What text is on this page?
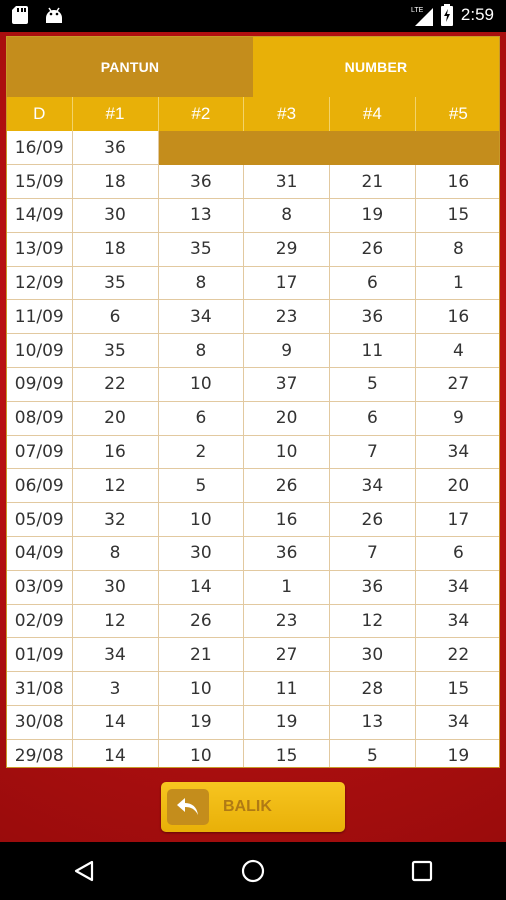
LTE 2:59
PANTUN	NUMBER
D	#1	#2	#3	#4	#5
16/09	36				
15/09	18	36	31	21	16
14/09	30	13	8	19	15
13/09	18	35	29	26	8
12/09	35	8	17	6	1
11/09	6	34	23	36	16
10/09	35	8	9	11	4
09/09	22	10	37	5	27
08/09	20	6	20	6	9
07/09	16	2	10	7	34
06/09	12	5	26	34	20
05/09	32	10	16	26	17
04/09	8	30	36	7	6
03/09	30	14	1	36	34
02/09	12	26	23	12	34
01/09	34	21	27	30	22
31/08	3	10	11	28	15
30/08	14	19	19	13	34
29/08	14	10	15	5	19
BALIK
